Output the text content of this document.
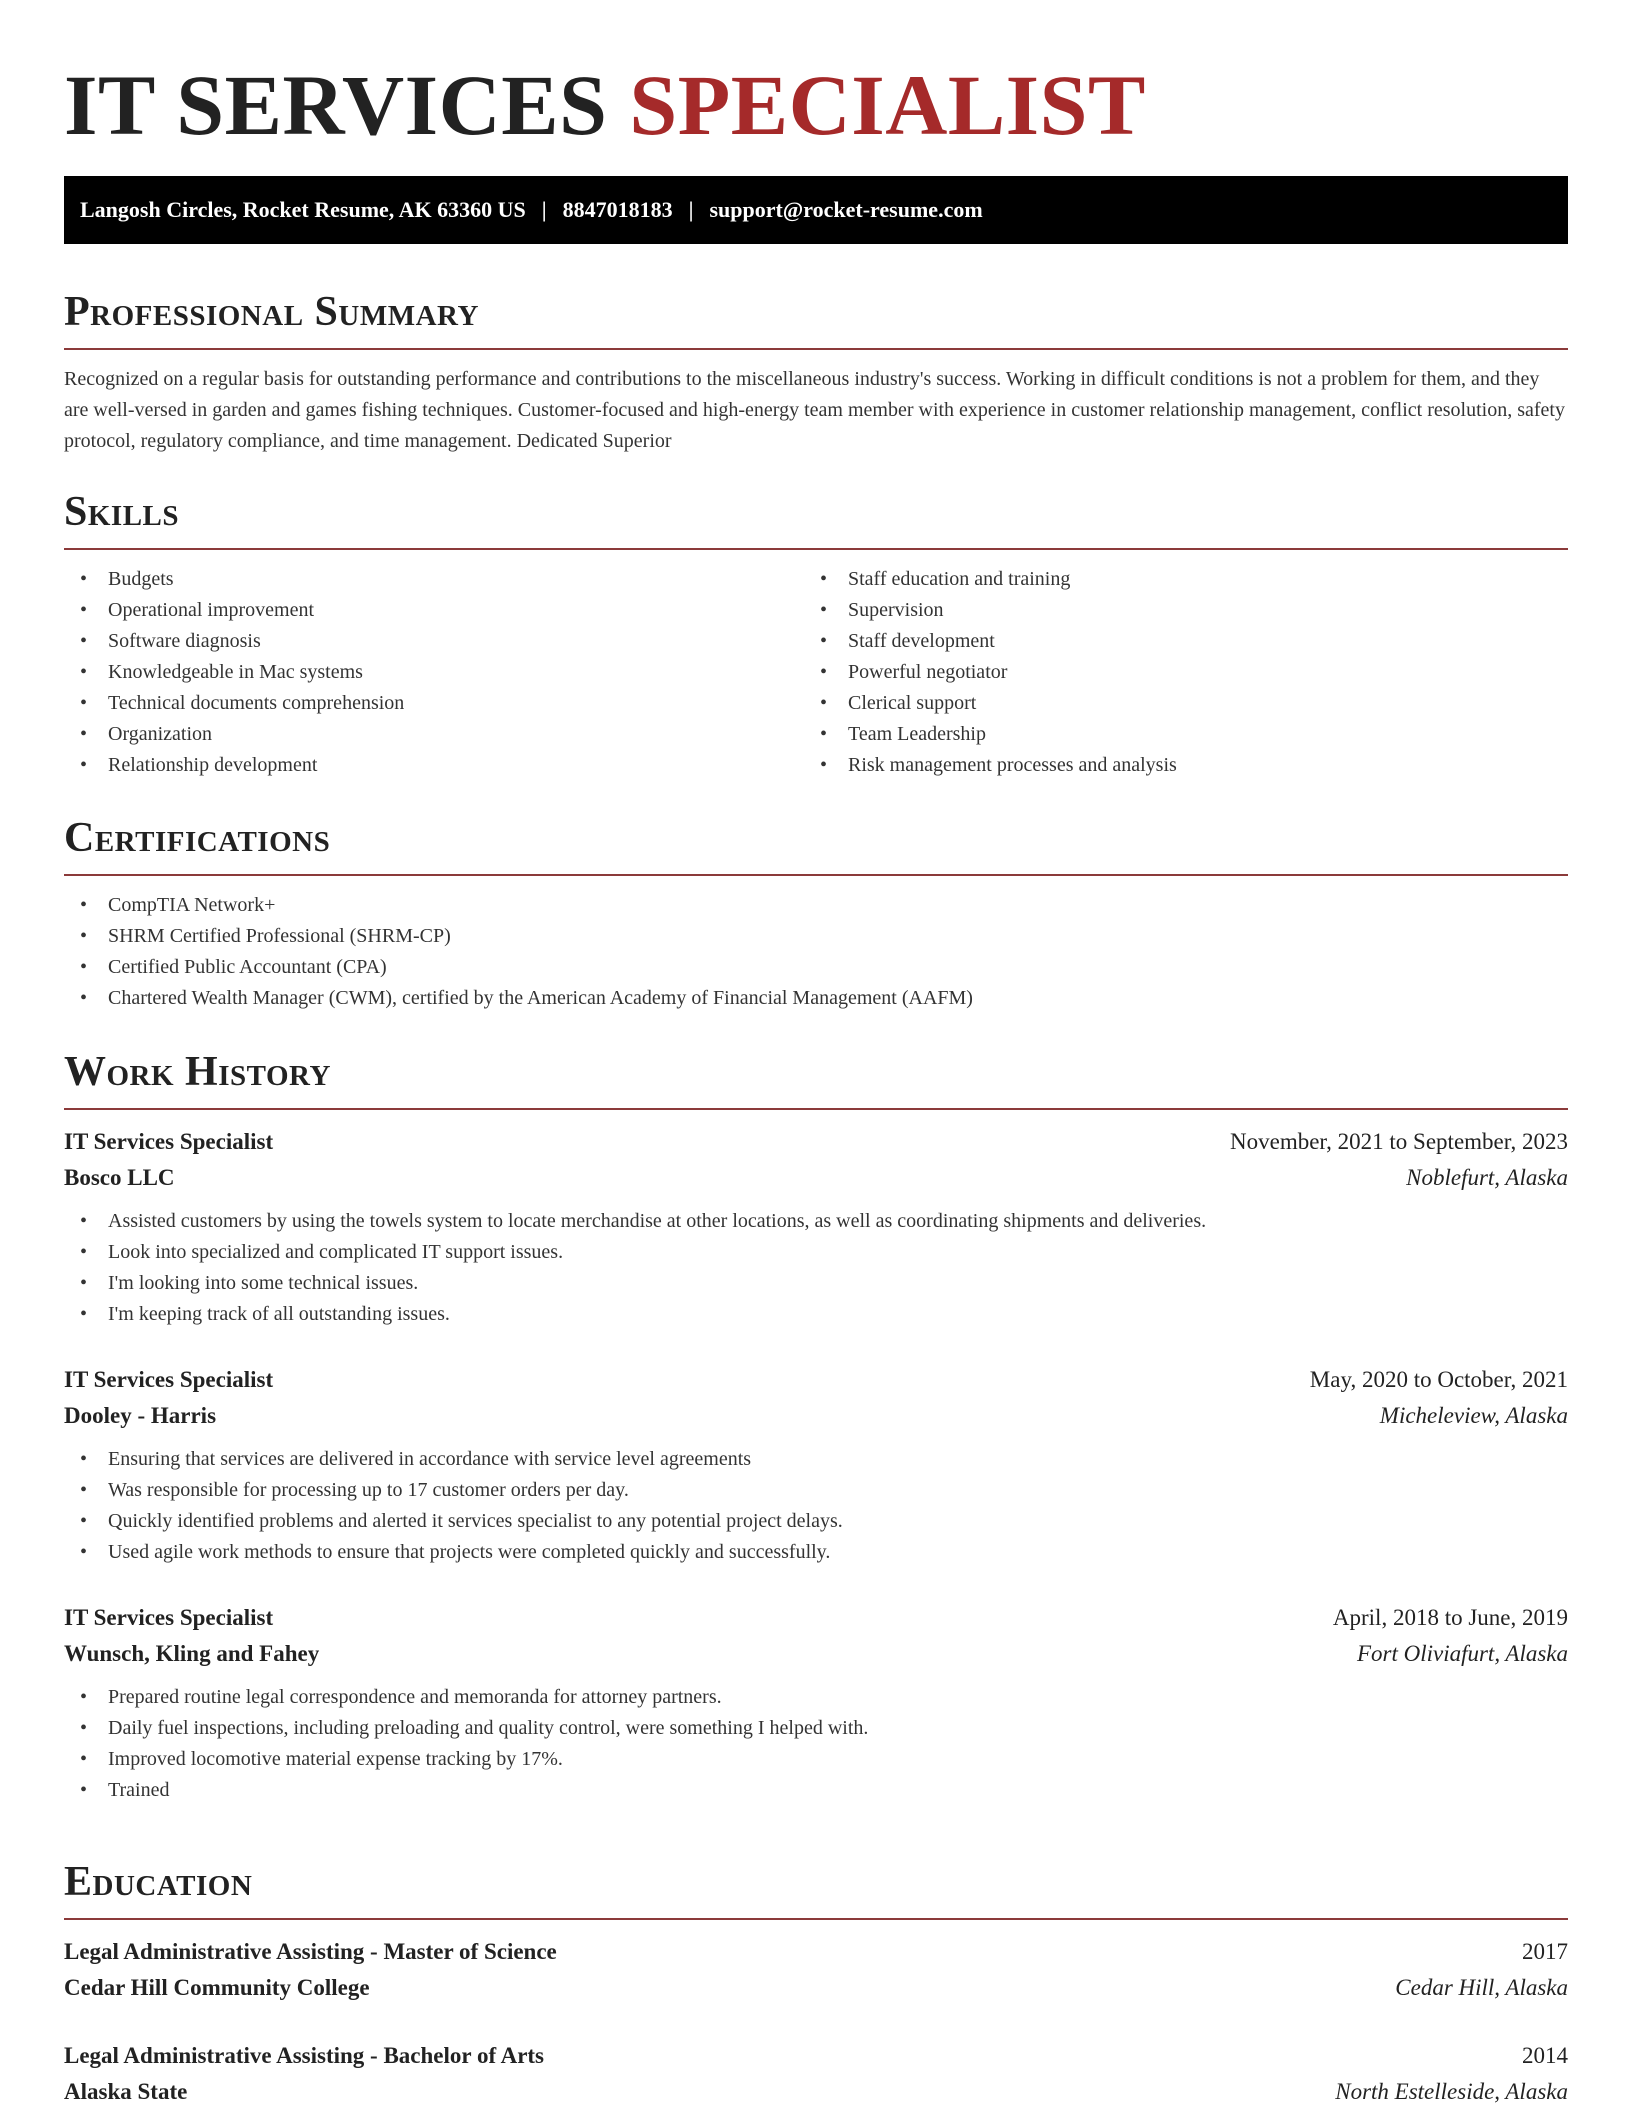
IT SERVICES SPECIALIST
Langosh Circles, Rocket Resume, AK 63360 US | 8847018183 | support@rocket-resume.com
Professional Summary

Recognized on a regular basis for outstanding performance and contributions to the miscellaneous industry's success. Working in difficult conditions is not a problem for them, and they are well-versed in garden and games fishing techniques. Customer-focused and high-energy team member with experience in customer relationship management, conflict resolution, safety protocol, regulatory compliance, and time management. Dedicated Superior

Skills
• Budgets
• Operational improvement
• Software diagnosis
• Knowledgeable in Mac systems
• Technical documents comprehension
• Organization
• Relationship development
• Staff education and training
• Supervision
• Staff development
• Powerful negotiator
• Clerical support
• Team Leadership
• Risk management processes and analysis
Certifications
• CompTIA Network+
• SHRM Certified Professional (SHRM-CP)
• Certified Public Accountant (CPA)
• Chartered Wealth Manager (CWM), certified by the American Academy of Financial Management (AAFM)
Work History
IT Services Specialist	November, 2021 to September, 2023
Bosco LLC	Noblefurt, Alaska
• Assisted customers by using the towels system to locate merchandise at other locations, as well as coordinating shipments and deliveries.
• Look into specialized and complicated IT support issues.
• I'm looking into some technical issues.
• I'm keeping track of all outstanding issues.
IT Services Specialist	May, 2020 to October, 2021
Dooley - Harris	Micheleview, Alaska
• Ensuring that services are delivered in accordance with service level agreements
• Was responsible for processing up to 17 customer orders per day.
• Quickly identified problems and alerted it services specialist to any potential project delays.
• Used agile work methods to ensure that projects were completed quickly and successfully.
IT Services Specialist	April, 2018 to June, 2019
Wunsch, Kling and Fahey	Fort Oliviafurt, Alaska
• Prepared routine legal correspondence and memoranda for attorney partners.
• Daily fuel inspections, including preloading and quality control, were something I helped with.
• Improved locomotive material expense tracking by 17%.
• Trained
Education
Legal Administrative Assisting - Master of Science	2017
Cedar Hill Community College	Cedar Hill, Alaska
Legal Administrative Assisting - Bachelor of Arts	2014
Alaska State	North Estelleside, Alaska
